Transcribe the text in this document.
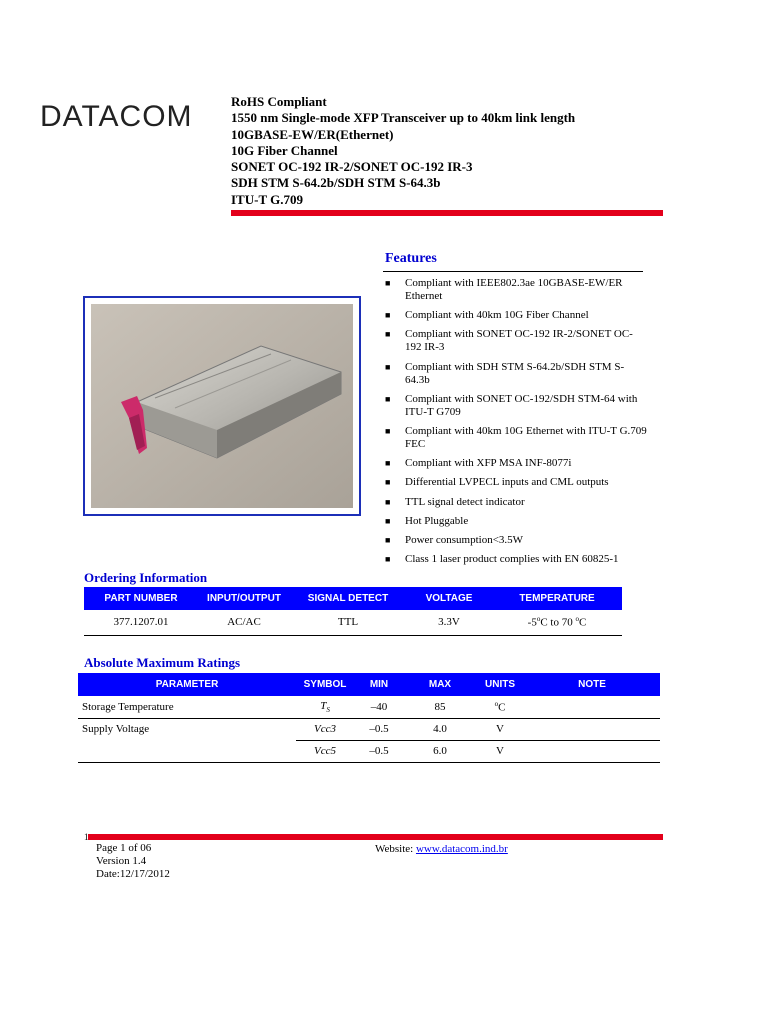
DATACOM	RoHS Compliant
1550 nm Single-mode XFP Transceiver up to 40km link length
10GBASE-EW/ER(Ethernet)
10G Fiber Channel
SONET OC-192 IR-2/SONET OC-192 IR-3
SDH STM S-64.2b/SDH STM S-64.3b
ITU-T G.709
Features
■ Compliant with IEEE802.3ae 10GBASE-EW/ER Ethernet
■ Compliant with 40km 10G Fiber Channel
■ Compliant with SONET OC-192 IR-2/SONET OC-192 IR-3
■ Compliant with SDH STM S-64.2b/SDH STM S-64.3b
■ Compliant with SONET OC-192/SDH STM-64 with ITU-T G709
■ Compliant with 40km 10G Ethernet with ITU-T G.709 FEC
■ Compliant with XFP MSA INF-8077i
■ Differential LVPECL inputs and CML outputs
■ TTL signal detect indicator
■ Hot Pluggable
■ Power consumption<3.5W
■ Class 1 laser product complies with EN 60825-1
Ordering Information
PART NUMBER	INPUT/OUTPUT	SIGNAL DETECT	VOLTAGE	TEMPERATURE
377.1207.01	AC/AC	TTL	3.3V	-5$^o$C to 70 $^o$C
Absolute Maximum Ratings
PARAMETER	SYMBOL	MIN	MAX	UNITS	NOTE
Storage Temperature	$T_S$	–40	85	$^o$C	
Supply Voltage	Vcc3	–0.5	4.0	V	
	Vcc5	–0.5	6.0	V	
1
Page 1 of 06
Version 1.4
Date:12/17/2012
Website: www.datacom.ind.br
